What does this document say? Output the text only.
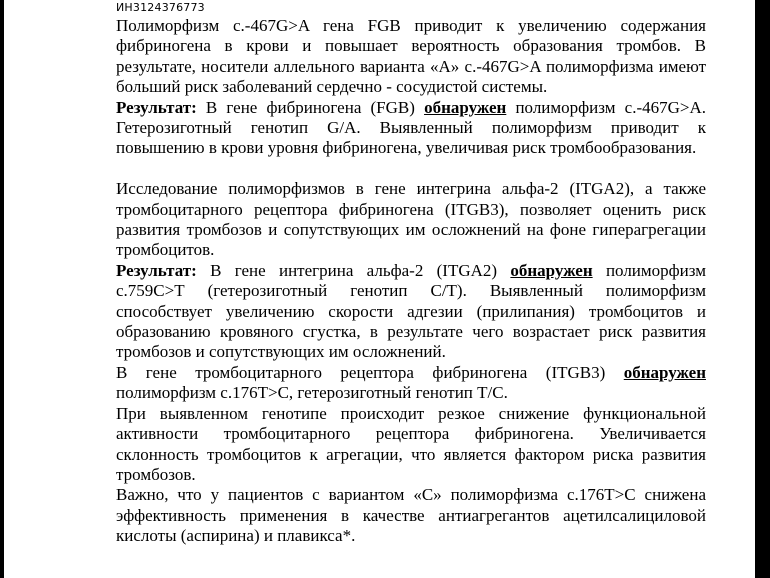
ИН3124376773

Полиморфизм с.-467G>A гена FGB приводит к увеличению содержания фибриногена в крови и повышает вероятность образования тромбов. В результате, носители аллельного варианта «А» с.-467G>A полиморфизма имеют больший риск заболеваний сердечно - сосудистой системы.

Результат: В гене фибриногена (FGB) обнаружен полиморфизм с.-467G>A. Гетерозиготный генотип G/A. Выявленный полиморфизм приводит к повышению в крови уровня фибриногена, увеличивая риск тромбообразования.

Исследование полиморфизмов в гене интегрина альфа-2 (ITGA2), а также тромбоцитарного рецептора фибриногена (ITGB3), позволяет оценить риск развития тромбозов и сопутствующих им осложнений на фоне гиперагрегации тромбоцитов.

Результат: В гене интегрина альфа-2 (ITGA2) обнаружен полиморфизм с.759С>Т (гетерозиготный генотип С/Т). Выявленный полиморфизм способствует увеличению скорости адгезии (прилипания) тромбоцитов и образованию кровяного сгустка, в результате чего возрастает риск развития тромбозов и сопутствующих им осложнений.

В гене тромбоцитарного рецептора фибриногена (ITGB3) обнаружен полиморфизм с.176T>C, гетерозиготный генотип Т/С.

При выявленном генотипе происходит резкое снижение функциональной активности тромбоцитарного рецептора фибриногена. Увеличивается склонность тромбоцитов к агрегации, что является фактором риска развития тромбозов.

Важно, что у пациентов с вариантом «С» полиморфизма с.176T>C снижена эффективность применения в качестве антиагрегантов ацетилсалициловой кислоты (аспирина) и плавикса*.
